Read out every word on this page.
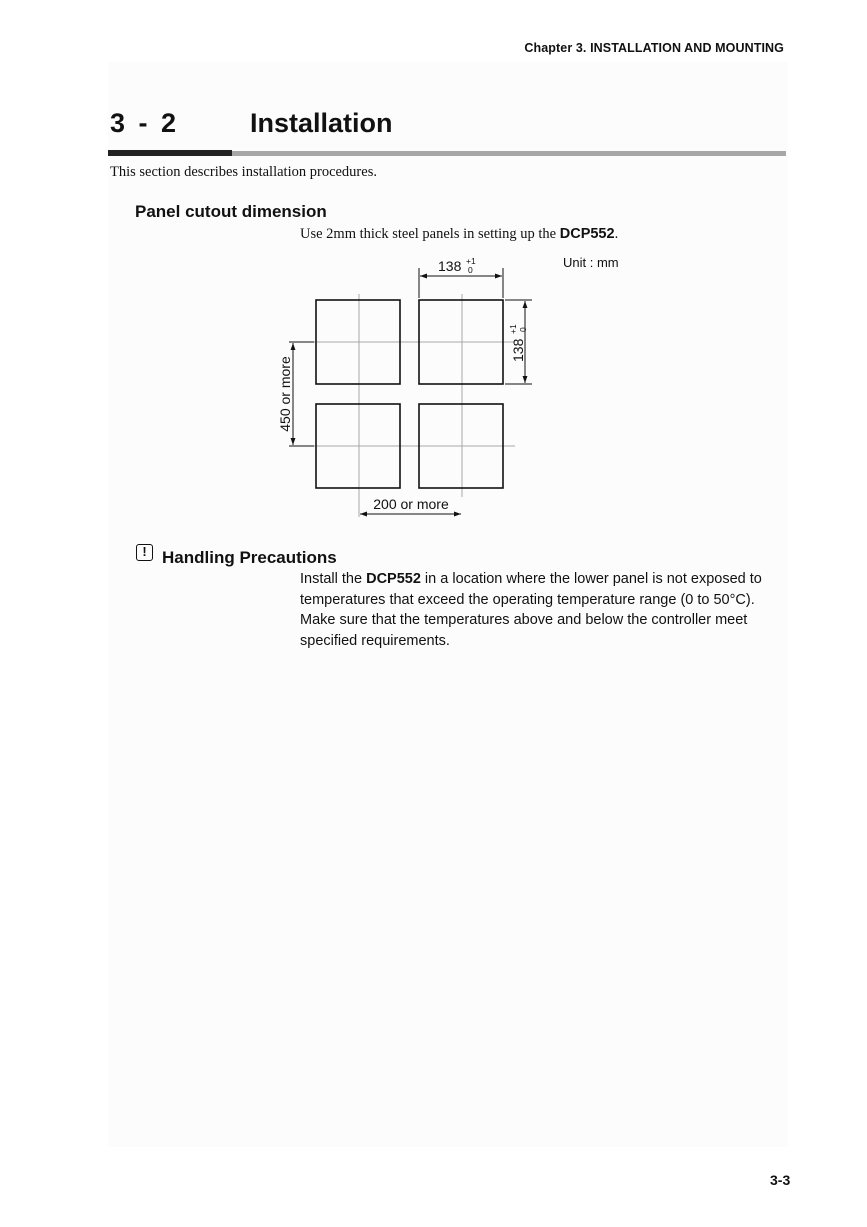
Chapter 3. INSTALLATION AND MOUNTING
3 - 2	Installation
This section describes installation procedures.
Panel cutout dimension
Use 2mm thick steel panels in setting up the DCP552.
Unit : mm
138 +1
0
138
+1 0
450 or more
200 or more
! Handling Precautions
Install the DCP552 in a location where the lower panel is not exposed to temperatures that exceed the operating temperature range (0 to 50°C). Make sure that the temperatures above and below the controller meet specified requirements.
3-3
